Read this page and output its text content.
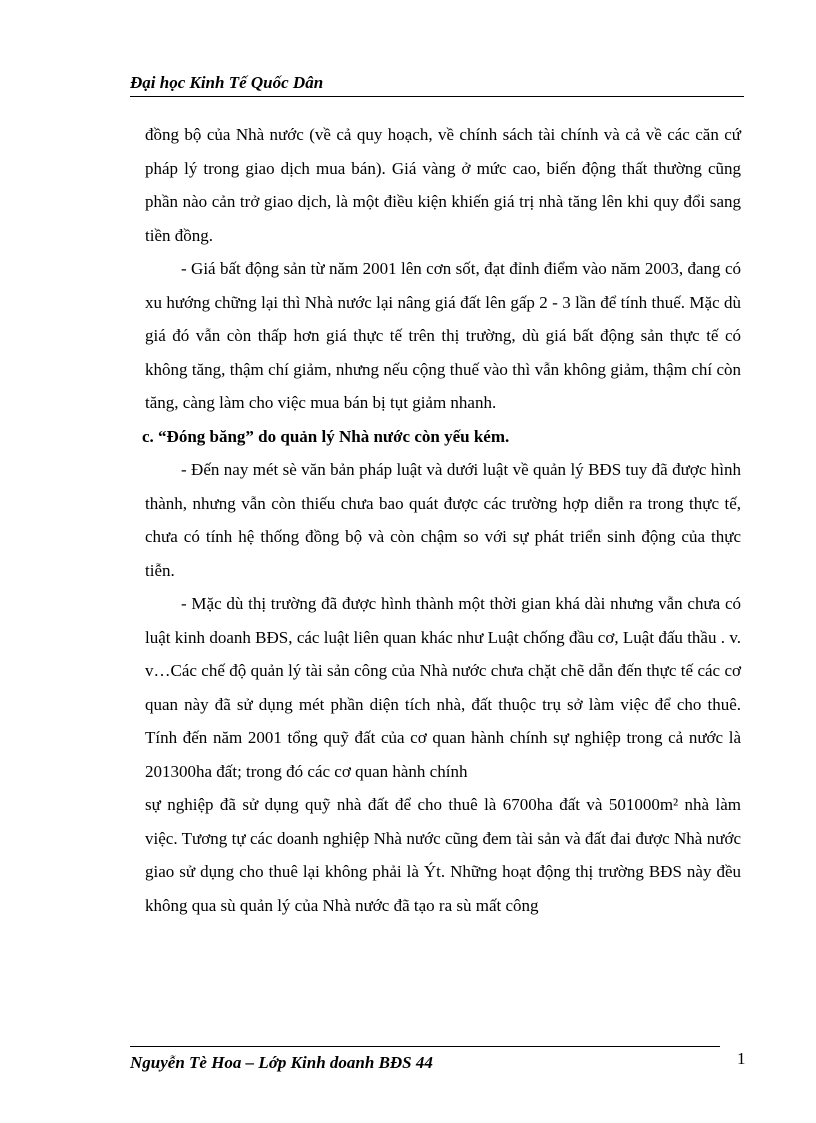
Đại học Kinh Tế Quốc Dân

đồng bộ của Nhà nước (về cả quy hoạch, về chính sách tài chính và cả về các căn cứ pháp lý trong giao dịch mua bán). Giá vàng ở mức cao, biến động thất thường cũng phần nào cản trở giao dịch, là một điều kiện khiến giá trị nhà tăng lên khi quy đổi sang tiền đồng.

- Giá bất động sản từ năm 2001 lên cơn sốt, đạt đỉnh điểm vào năm 2003, đang có xu hướng chững lại thì Nhà nước lại nâng giá đất lên gấp 2 - 3 lần để tính thuế. Mặc dù giá đó vẫn còn thấp hơn giá thực tế trên thị trường, dù giá bất động sản thực tế có không tăng, thậm chí giảm, nhưng nếu cộng thuế vào thì vẫn không giảm, thậm chí còn tăng, càng làm cho việc mua bán bị tụt giảm nhanh.

c. “Đóng băng” do quản lý Nhà nước còn yếu kém.

- Đến nay mét sè văn bản pháp luật và dưới luật về quản lý BĐS tuy đã được hình thành, nhưng vẫn còn thiếu chưa bao quát được các trường hợp diễn ra trong thực tế, chưa có tính hệ thống đồng bộ và còn chậm so với sự phát triển sinh động của thực tiễn.

- Mặc dù thị trường đã được hình thành một thời gian khá dài nhưng vẫn chưa có luật kinh doanh BĐS, các luật liên quan khác như Luật chống đầu cơ, Luật đấu thầu . v. v…Các chế độ quản lý tài sản công của Nhà nước chưa chặt chẽ dẫn đến thực tế các cơ quan này đã sử dụng mét phần diện tích nhà, đất thuộc trụ sở làm việc để cho thuê. Tính đến năm 2001 tổng quỹ đất của cơ quan hành chính sự nghiệp trong cả nước là 201300ha đất; trong đó các cơ quan hành chính

sự nghiệp đã sử dụng quỹ nhà đất để cho thuê là 6700ha đất và 501000m² nhà làm việc. Tương tự các doanh nghiệp Nhà nước cũng đem tài sản và đất đai được Nhà nước giao sử dụng cho thuê lại không phải là Ýt. Những hoạt động thị trường BĐS này đều không qua sù quản lý của Nhà nước đã tạo ra sù mất công

Nguyễn Tè Hoa – Lớp Kinh doanh BĐS 44	1
